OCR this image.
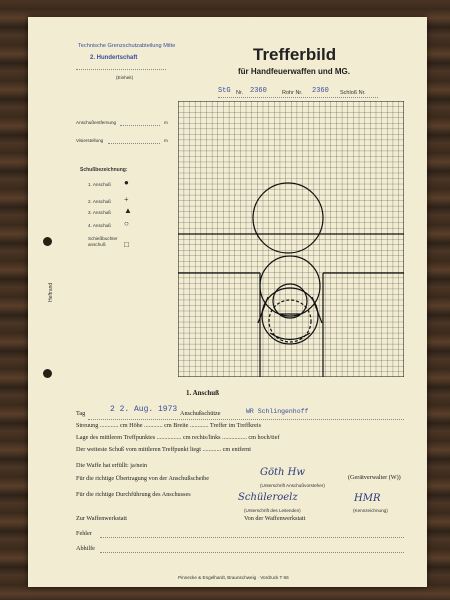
Technische Grenzschutzabteilung Mitte
2. Hundertschaft
(Einheit)
Trefferbild
für Handfeuerwaffen und MG.
StG Nr. 2360	Rohr Nr. 2360 Schloß Nr.
Anschußentfernung	m
Visierstellung	m
Schußbezeichnung:
1. Anschuß ●
2. Anschuß +
3. Anschuß ▲
4. Anschuß ○
Schießbuchter anschuß	□
Heftrand
1. Anschuß
Tag	2 2. Aug. 1973 Anschußschütze	WR Schlingenhoff
Streuung ............ cm Höhe ............ cm Breite ............ Treffer im Treffkreis
Lage des mittleren Treffpunktes ................ cm rechts/links ................ cm hoch/tief
Der weiteste Schuß vom mittleren Treffpunkt liegt ............ cm entfernt
Die Waffe hat erfüllt: ja/nein
Für die richtige Übertragung von der Anschußscheibe
Göth Hw
(Unterschrift Anschußvorsteher)
(Gerätverwalter (W))
Für die richtige Durchführung des Anschusses	Schüleroelz
(Unterschrift des Leitenden)
HMR
(Kennzeichnung)
Zur Waffenwerkstatt	Von der Waffenwerkstatt
Fehler
Abhilfe
Pinnecke & Engelhardt, Braunschweig · Vordruck T 66
